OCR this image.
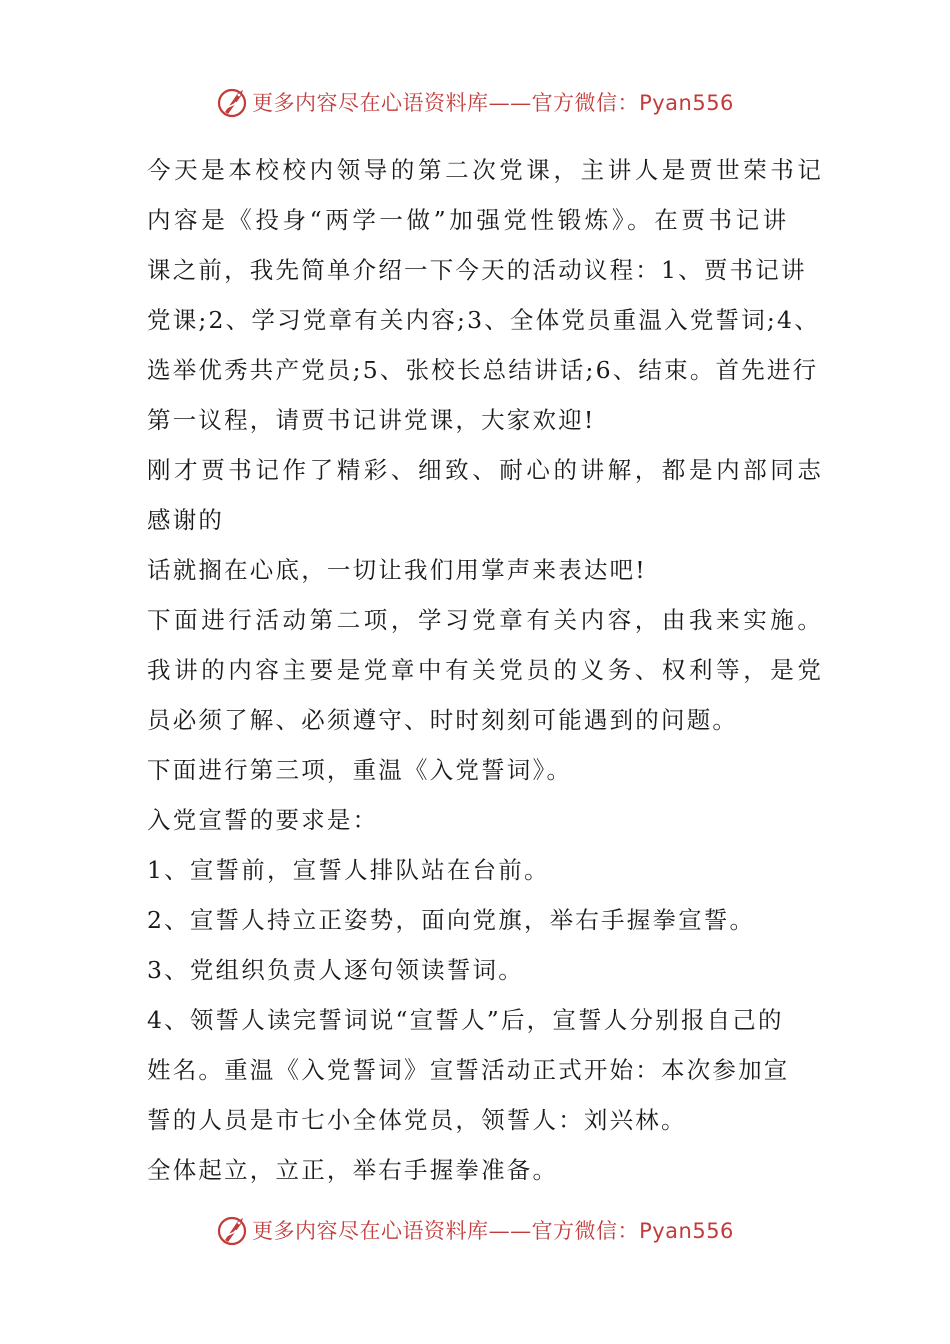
更多内容尽在心语资料库——官方微信：Pyan556
今天是本校校内领导的第二次党课，主讲人是贾世荣书记
内容是《投身“两学一做”加强党性锻炼》。在贾书记讲
课之前，我先简单介绍一下今天的活动议程：1、贾书记讲
党课;2、学习党章有关内容;3、全体党员重温入党誓词;4、
选举优秀共产党员;5、张校长总结讲话;6、结束。首先进行
第一议程，请贾书记讲党课，大家欢迎!
刚才贾书记作了精彩、细致、耐心的讲解，都是内部同志
感谢的
话就搁在心底，一切让我们用掌声来表达吧!
下面进行活动第二项，学习党章有关内容，由我来实施。
我讲的内容主要是党章中有关党员的义务、权利等，是党
员必须了解、必须遵守、时时刻刻可能遇到的问题。
下面进行第三项，重温《入党誓词》。
入党宣誓的要求是：
1、宣誓前，宣誓人排队站在台前。
2、宣誓人持立正姿势，面向党旗，举右手握拳宣誓。
3、党组织负责人逐句领读誓词。
4、领誓人读完誓词说“宣誓人”后，宣誓人分别报自己的
姓名。重温《入党誓词》宣誓活动正式开始：本次参加宣
誓的人员是市七小全体党员，领誓人：刘兴林。
全体起立，立正，举右手握拳准备。
更多内容尽在心语资料库——官方微信：Pyan556
